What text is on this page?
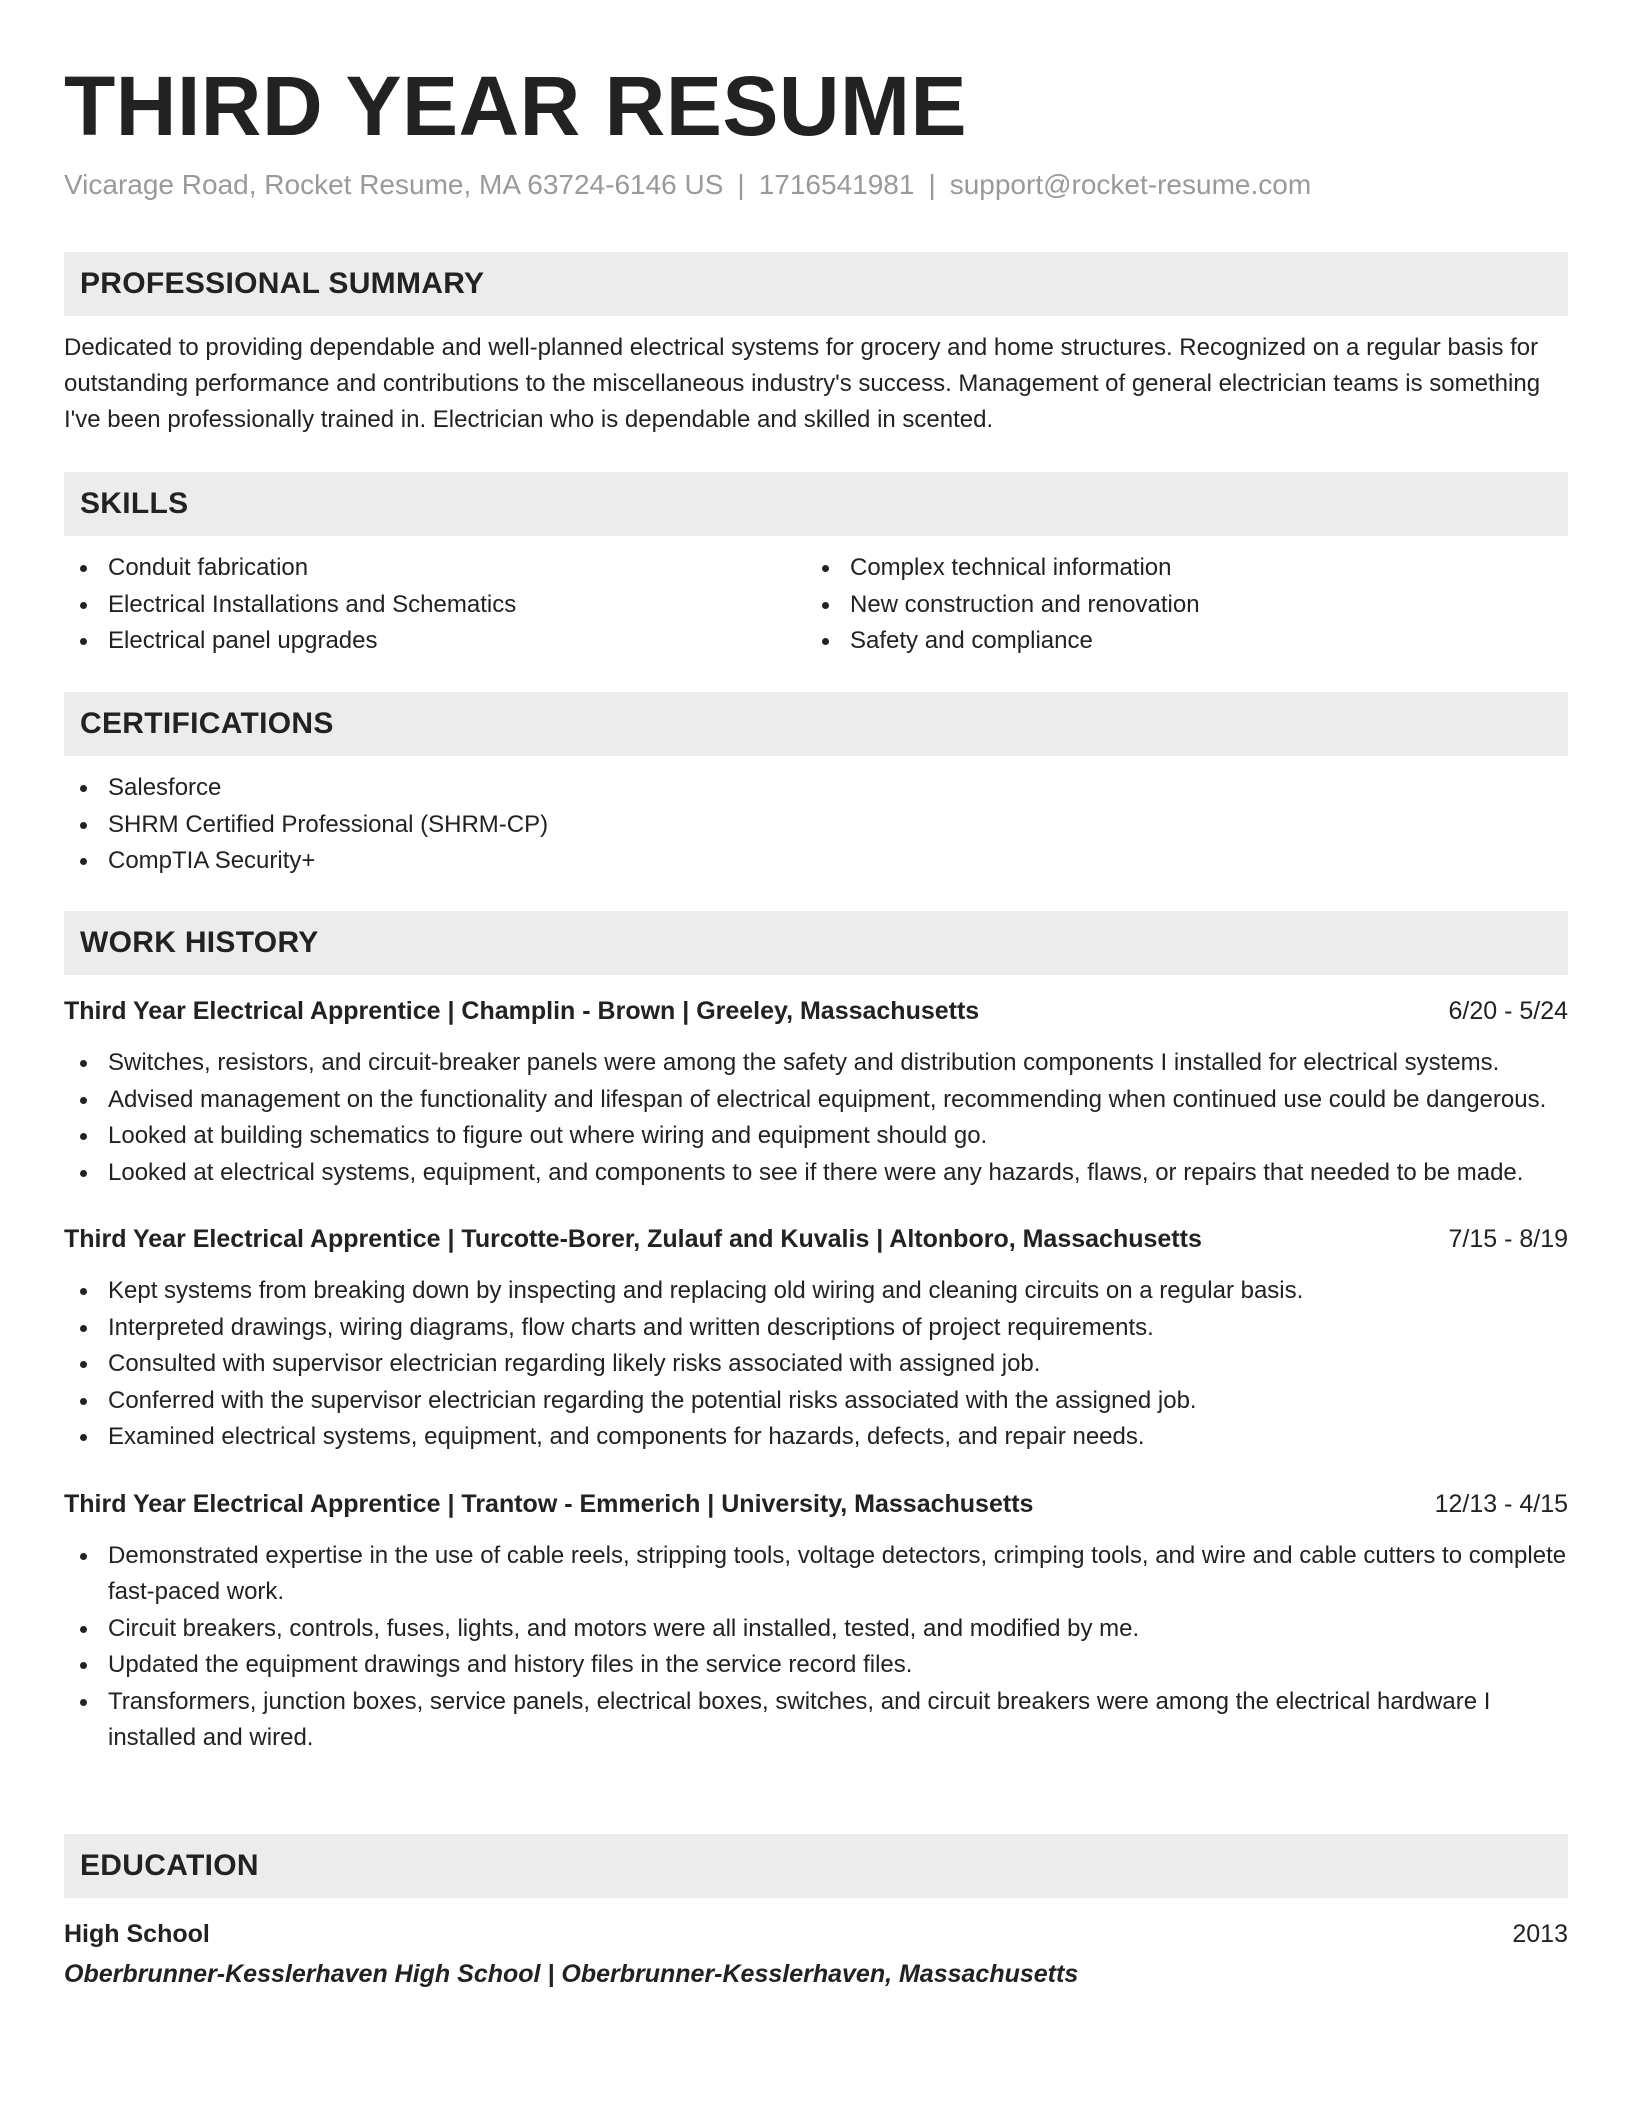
THIRD YEAR RESUME
Vicarage Road, Rocket Resume, MA 63724-6146 US | 1716541981 | support@rocket-resume.com
PROFESSIONAL SUMMARY

Dedicated to providing dependable and well-planned electrical systems for grocery and home structures. Recognized on a regular basis for outstanding performance and contributions to the miscellaneous industry's success. Management of general electrician teams is something I've been professionally trained in. Electrician who is dependable and skilled in scented.

SKILLS
Conduit fabrication
Electrical Installations and Schematics
Electrical panel upgrades
Complex technical information
New construction and renovation
Safety and compliance
CERTIFICATIONS
Salesforce
SHRM Certified Professional (SHRM-CP)
CompTIA Security+
WORK HISTORY
Third Year Electrical Apprentice | Champlin - Brown | Greeley, Massachusetts	6/20 - 5/24
Switches, resistors, and circuit-breaker panels were among the safety and distribution components I installed for electrical systems.
Advised management on the functionality and lifespan of electrical equipment, recommending when continued use could be dangerous.
Looked at building schematics to figure out where wiring and equipment should go.
Looked at electrical systems, equipment, and components to see if there were any hazards, flaws, or repairs that needed to be made.
Third Year Electrical Apprentice | Turcotte-Borer, Zulauf and Kuvalis | Altonboro, Massachusetts	7/15 - 8/19
Kept systems from breaking down by inspecting and replacing old wiring and cleaning circuits on a regular basis.
Interpreted drawings, wiring diagrams, flow charts and written descriptions of project requirements.
Consulted with supervisor electrician regarding likely risks associated with assigned job.
Conferred with the supervisor electrician regarding the potential risks associated with the assigned job.
Examined electrical systems, equipment, and components for hazards, defects, and repair needs.
Third Year Electrical Apprentice | Trantow - Emmerich | University, Massachusetts	12/13 - 4/15
Demonstrated expertise in the use of cable reels, stripping tools, voltage detectors, crimping tools, and wire and cable cutters to complete fast-paced work.
Circuit breakers, controls, fuses, lights, and motors were all installed, tested, and modified by me.
Updated the equipment drawings and history files in the service record files.
Transformers, junction boxes, service panels, electrical boxes, switches, and circuit breakers were among the electrical hardware I installed and wired.
EDUCATION
High School	2013
Oberbrunner-Kesslerhaven High School | Oberbrunner-Kesslerhaven, Massachusetts
